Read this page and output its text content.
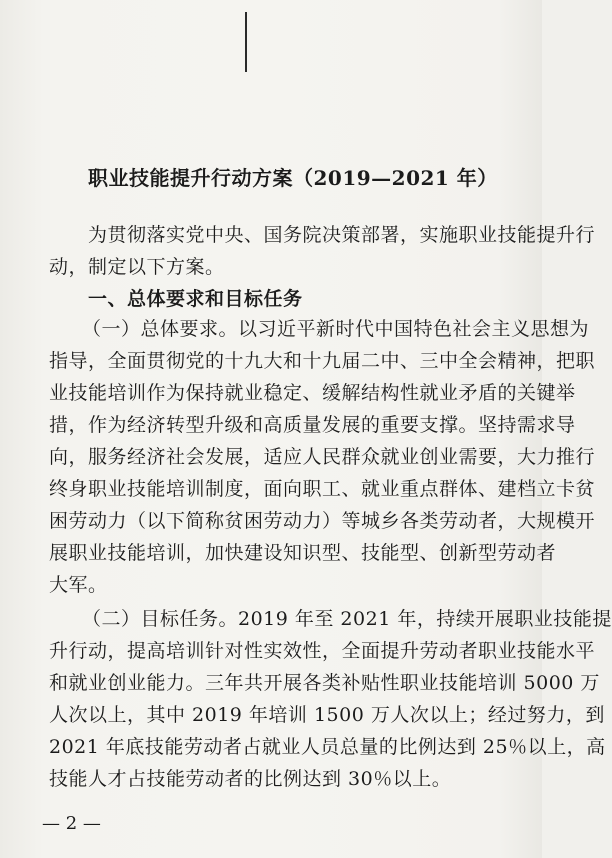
职业技能提升行动方案（2019—2021 年）
为贯彻落实党中央、国务院决策部署，实施职业技能提升行
动，制定以下方案。
一、总体要求和目标任务
（一）总体要求。以习近平新时代中国特色社会主义思想为
指导，全面贯彻党的十九大和十九届二中、三中全会精神，把职
业技能培训作为保持就业稳定、缓解结构性就业矛盾的关键举
措，作为经济转型升级和高质量发展的重要支撑。坚持需求导
向，服务经济社会发展，适应人民群众就业创业需要，大力推行
终身职业技能培训制度，面向职工、就业重点群体、建档立卡贫
困劳动力（以下简称贫困劳动力）等城乡各类劳动者，大规模开
展职业技能培训，加快建设知识型、技能型、创新型劳动者
大军。
（二）目标任务。2019 年至 2021 年，持续开展职业技能提
升行动，提高培训针对性实效性，全面提升劳动者职业技能水平
和就业创业能力。三年共开展各类补贴性职业技能培训 5000 万
人次以上，其中 2019 年培训 1500 万人次以上；经过努力，到
2021 年底技能劳动者占就业人员总量的比例达到 25％以上，高
技能人才占技能劳动者的比例达到 30％以上。
— 2 —
